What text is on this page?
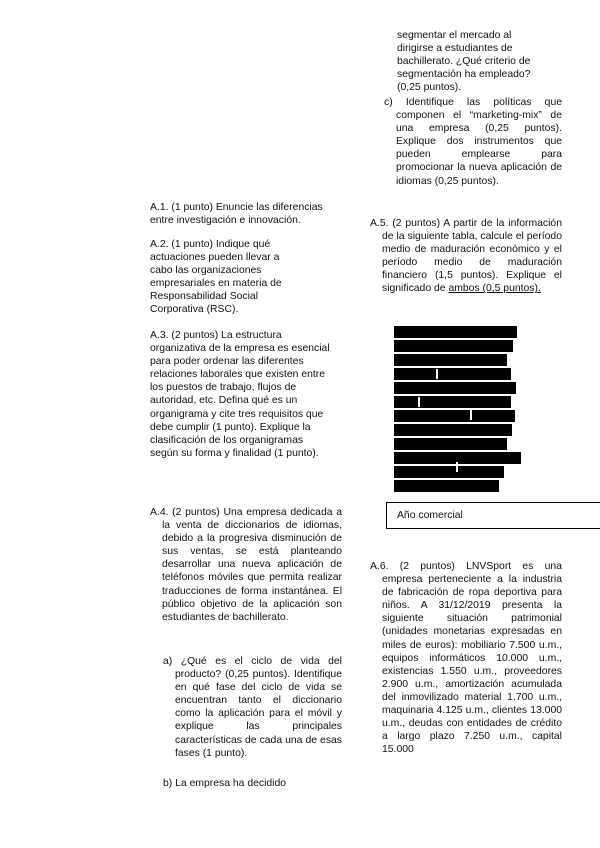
A.1. (1 punto) Enuncie las diferencias entre investigación e innovación.

A.2. (1 punto) Indique qué actuaciones pueden llevar a cabo las organizaciones empresariales en materia de Responsabilidad Social Corporativa (RSC).

A.3. (2 puntos) La estructura organizativa de la empresa es esencial para poder ordenar las diferentes relaciones laborales que existen entre los puestos de trabajo, flujos de autoridad, etc. Defina qué es un organigrama y cite tres requisitos que debe cumplir (1 punto). Explique la clasificación de los organigramas según su forma y finalidad (1 punto).

A.4. (2 puntos) Una empresa dedicada a la venta de diccionarios de idiomas, debido a la progresiva disminución de sus ventas, se está planteando desarrollar una nueva aplicación de teléfonos móviles que permita realizar traducciones de forma instantánea. El público objetivo de la aplicación son estudiantes de bachillerato.

a) ¿Qué es el ciclo de vida del producto? (0,25 puntos). Identifique en qué fase del ciclo de vida se encuentran tanto el diccionario como la aplicación para el móvil y explique las principales características de cada una de esas fases (1 punto).

b) La empresa ha decidido

segmentar el mercado al dirigirse a estudiantes de bachillerato. ¿Qué criterio de segmentación ha empleado? (0,25 puntos).

c) Identifique las políticas que componen el “marketing-mix” de una empresa (0,25 puntos). Explique dos instrumentos que pueden emplearse para promocionar la nueva aplicación de idiomas (0,25 puntos).

A.5. (2 puntos) A partir de la información de la siguiente tabla, calcule el período medio de maduración económico y el período medio de maduración financiero (1,5 puntos). Explique el significado de ambos (0,5 puntos).

Año comercial

A.6. (2 puntos) LNVSport es una empresa perteneciente a la industria de fabricación de ropa deportiva para niños. A 31/12/2019 presenta la siguiente situación patrimonial (unidades monetarias expresadas en miles de euros): mobiliario 7.500 u.m., equipos informáticos 10.000 u.m., existencias 1.550 u.m., proveedores 2.900 u.m., amortización acumulada del inmovilizado material 1.700 u.m., maquinaria 4.125 u.m., clientes 13.000 u.m., deudas con entidades de crédito a largo plazo 7.250 u.m., capital 15.000
